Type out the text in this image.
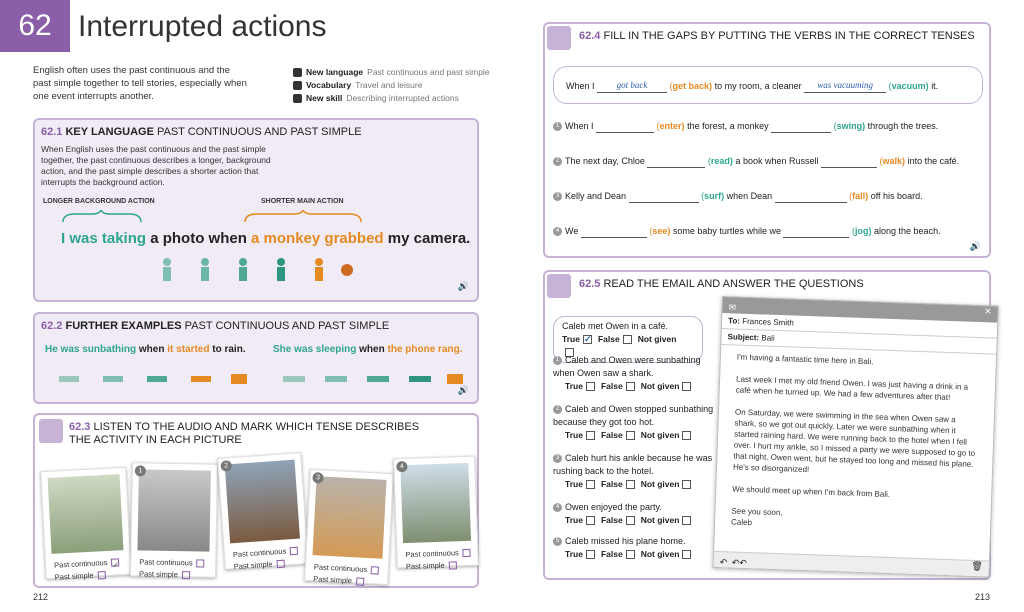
62 Interrupted actions
English often uses the past continuous and the past simple together to tell stories, especially when one event interrupts another.
New language Past continuous and past simple
Vocabulary Travel and leisure
New skill Describing interrupted actions
62.1 KEY LANGUAGE PAST CONTINUOUS AND PAST SIMPLE
When English uses the past continuous and the past simple together, the past continuous describes a longer, background action, and the past simple describes a shorter action that interrupts the background action.
LONGER BACKGROUND ACTION	SHORTER MAIN ACTION
I was taking a photo when a monkey grabbed my camera.
🔊
62.2 FURTHER EXAMPLES PAST CONTINUOUS AND PAST SIMPLE
He was sunbathing when it started to rain.	She was sleeping when the phone rang.
🔊
62.3 LISTEN TO THE AUDIO AND MARK WHICH TENSE DESCRIBES THE ACTIVITY IN EACH PICTURE
Past continuous ✓
Past simple
1
Past continuous
Past simple
2
Past continuous
Past simple
3
Past continuous
Past simple
4
Past continuous
Past simple
212
62.4 FILL IN THE GAPS BY PUTTING THE VERBS IN THE CORRECT TENSES
When I got back (get back) to my room, a cleaner was vacuuming (vacuum) it.
1 When I	(enter) the forest, a monkey	(swing) through the trees.
2 The next day, Chloe	(read) a book when Russell	(walk) into the café.
3 Kelly and Dean	(surf) when Dean	(fall) off his board.
4 We	(see) some baby turtles while we	(jog) along the beach.
🔊
62.5 READ THE EMAIL AND ANSWER THE QUESTIONS
Caleb met Owen in a café.
True ✓ False Not given
1 Caleb and Owen were sunbathing when Owen saw a shark.
True False Not given
2 Caleb and Owen stopped sunbathing because they got too hot.
True False Not given
3 Caleb hurt his ankle because he was rushing back to the hotel.
True False Not given
4 Owen enjoyed the party.
True False Not given
5 Caleb missed his plane home.
True False Not given
✉	✕
To: Frances Smith
Subject: Bali

I'm having a fantastic time here in Bali.

Last week I met my old friend Owen. I was just having a drink in a café when he turned up. We had a few adventures after that!

On Saturday, we were swimming in the sea when Owen saw a shark, so we got out quickly. Later we were sunbathing when it started raining hard. We were running back to the hotel when I fell over. I hurt my ankle, so I missed a party we were supposed to go to that night. Owen went, but he stayed too long and missed his plane. He's so disorganized!

We should meet up when I'm back from Bali.

See you soon,

Caleb

↶ ↶↶	🗑
213
